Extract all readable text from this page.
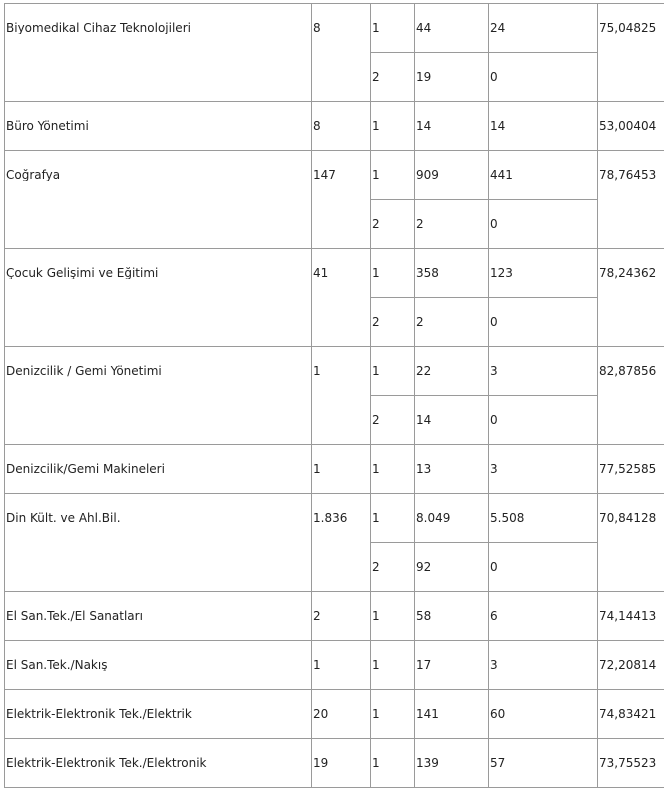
Biyomedikal Cihaz Teknolojileri	8	1	44	24	75,04825

		2	19	0	

Büro Yönetimi	8	1	14	14	53,00404

Coğrafya	147	1	909	441	78,76453

		2	2	0	

Çocuk Gelişimi ve Eğitimi	41	1	358	123	78,24362

		2	2	0	

Denizcilik / Gemi Yönetimi	1	1	22	3	82,87856

		2	14	0	

Denizcilik/Gemi Makineleri	1	1	13	3	77,52585

Din Kült. ve Ahl.Bil.	1.836	1	8.049	5.508	70,84128

		2	92	0	

El San.Tek./El Sanatları	2	1	58	6	74,14413

El San.Tek./Nakış	1	1	17	3	72,20814

Elektrik-Elektronik Tek./Elektrik	20	1	141	60	74,83421

Elektrik-Elektronik Tek./Elektronik	19	1	139	57	73,75523
